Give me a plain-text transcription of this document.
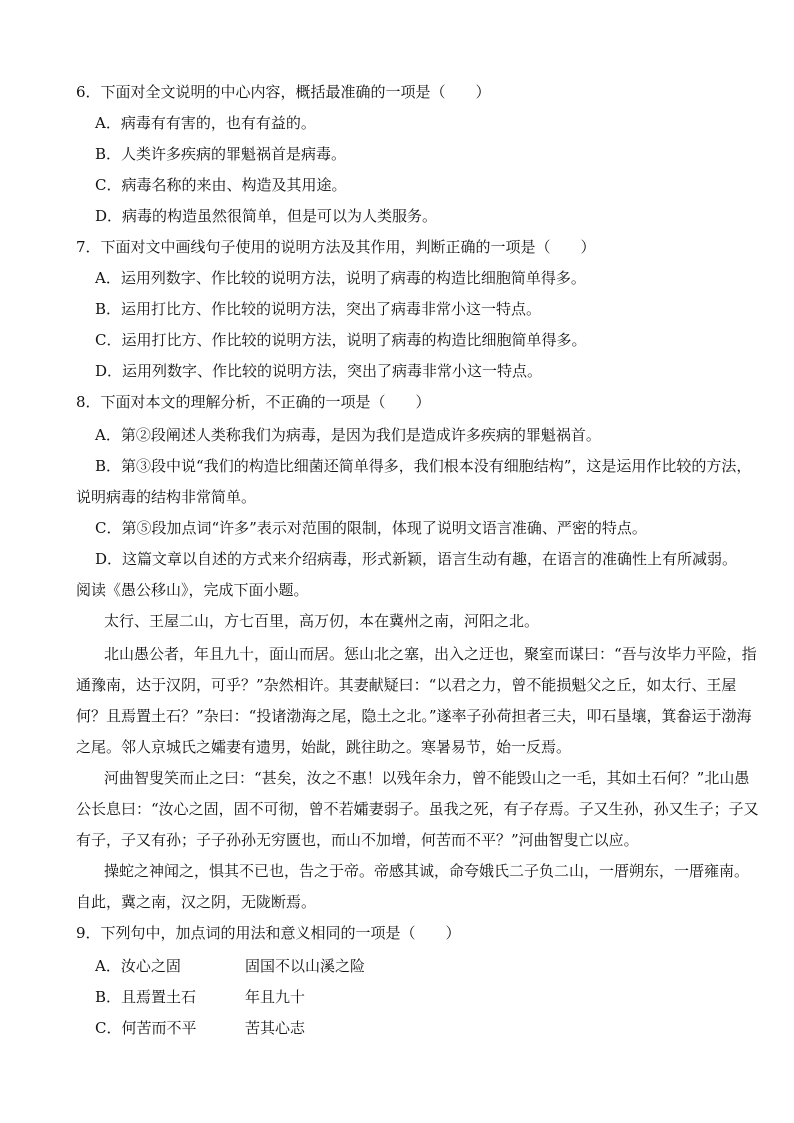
6．下面对全文说明的中心内容，概括最准确的一项是（　　）
A．病毒有有害的，也有有益的。
B．人类许多疾病的罪魁祸首是病毒。
C．病毒名称的来由、构造及其用途。
D．病毒的构造虽然很简单，但是可以为人类服务。
7．下面对文中画线句子使用的说明方法及其作用，判断正确的一项是（　　）
A．运用列数字、作比较的说明方法，说明了病毒的构造比细胞简单得多。
B．运用打比方、作比较的说明方法，突出了病毒非常小这一特点。
C．运用打比方、作比较的说明方法，说明了病毒的构造比细胞简单得多。
D．运用列数字、作比较的说明方法，突出了病毒非常小这一特点。
8．下面对本文的理解分析，不正确的一项是（　　）
A．第②段阐述人类称我们为病毒，是因为我们是造成许多疾病的罪魁祸首。
B．第③段中说“我们的构造比细菌还简单得多，我们根本没有细胞结构”，这是运用作比较的方法，
说明病毒的结构非常简单。
C．第⑤段加点词“许多”表示对范围的限制，体现了说明文语言准确、严密的特点。
D．这篇文章以自述的方式来介绍病毒，形式新颖，语言生动有趣，在语言的准确性上有所减弱。
阅读《愚公移山》，完成下面小题。
太行、王屋二山，方七百里，高万仞，本在冀州之南，河阳之北。
北山愚公者，年且九十，面山而居。惩山北之塞，出入之迂也，聚室而谋曰：“吾与汝毕力平险，指
通豫南，达于汉阴，可乎？”杂然相许。其妻献疑曰：“以君之力，曾不能损魁父之丘，如太行、王屋
何？且焉置土石？”杂曰：“投诸渤海之尾，隐土之北。”遂率子孙荷担者三夫，叩石垦壤，箕畚运于渤海
之尾。邻人京城氏之孀妻有遗男，始龀，跳往助之。寒暑易节，始一反焉。
河曲智叟笑而止之曰：“甚矣，汝之不惠！以残年余力，曾不能毁山之一毛，其如土石何？”北山愚
公长息曰：“汝心之固，固不可彻，曾不若孀妻弱子。虽我之死，有子存焉。子又生孙，孙又生子；子又
有子，子又有孙；子子孙孙无穷匮也，而山不加增，何苦而不平？”河曲智叟亡以应。
操蛇之神闻之，惧其不已也，告之于帝。帝感其诚，命夸娥氏二子负二山，一厝朔东，一厝雍南。
自此，冀之南，汉之阴，无陇断焉。
9．下列句中，加点词的用法和意义相同的一项是（　　）
A．汝心之固	固国不以山溪之险
B．且焉置土石	年且九十
C．何苦而不平	苦其心志
